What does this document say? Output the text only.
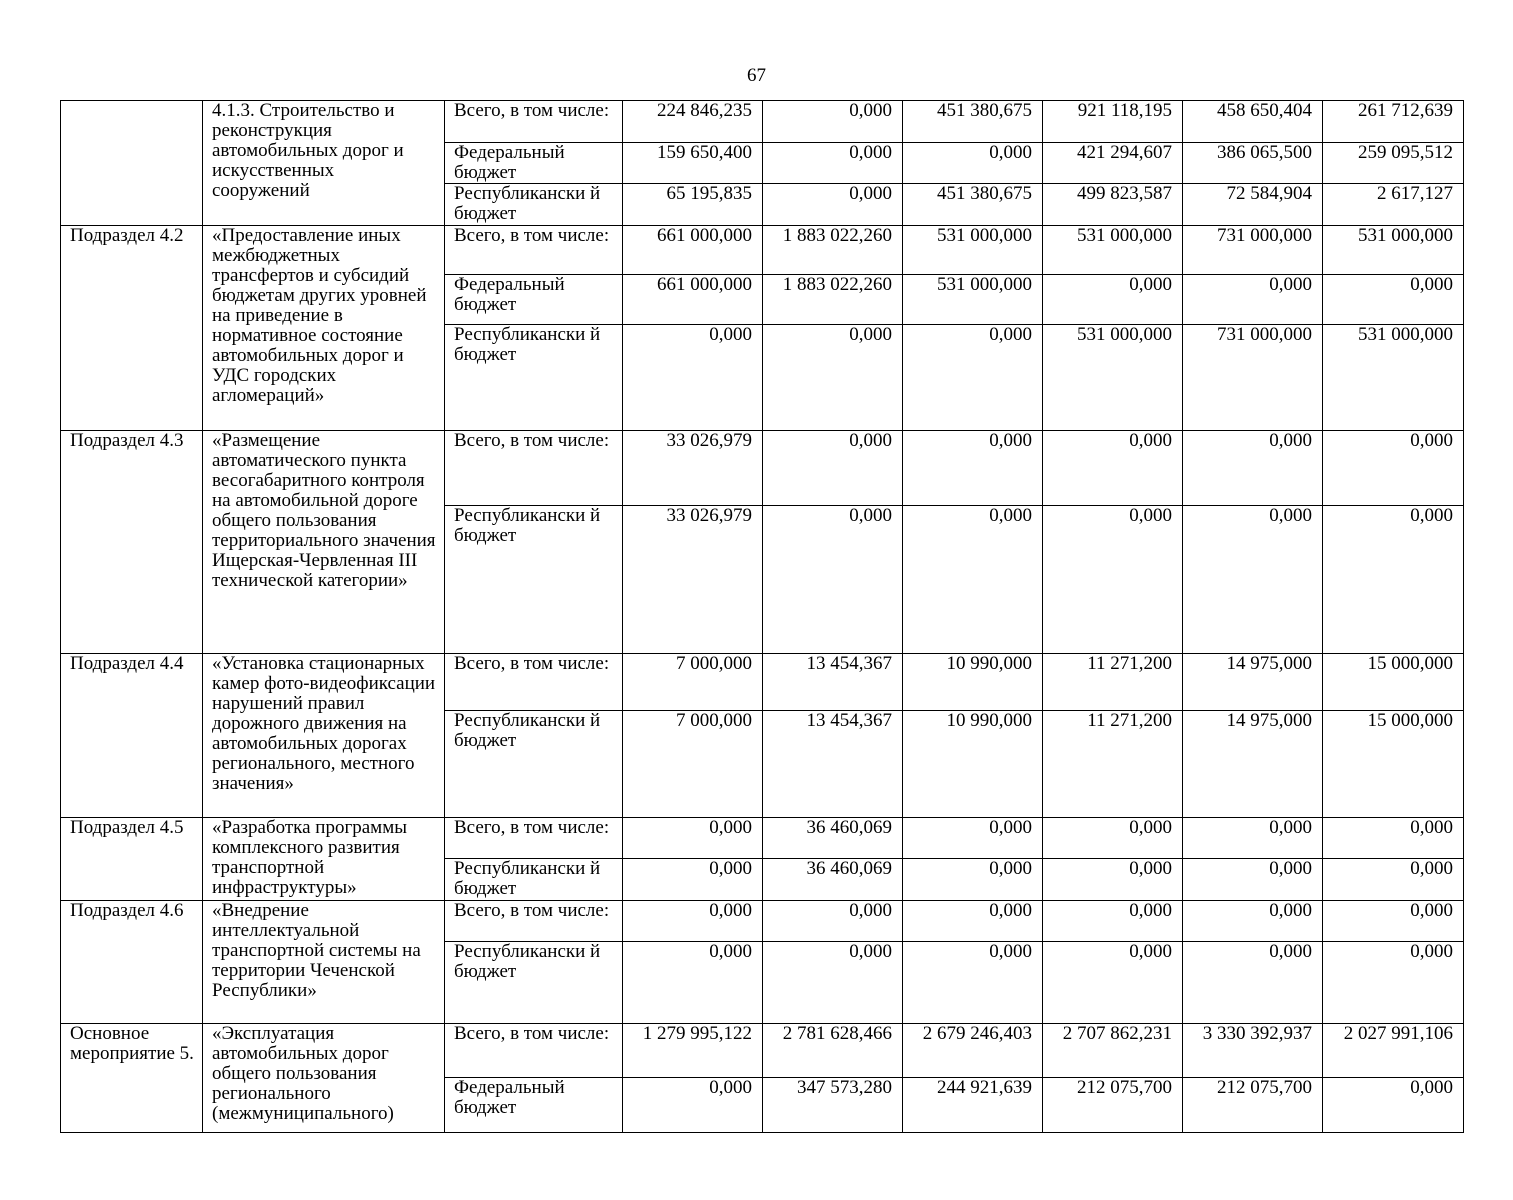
67
	4.1.3. Строительство и реконструкция автомобильных дорог и искусственных сооружений	Всего, в том числе:	224 846,235	0,000	451 380,675	921 118,195	458 650,404	261 712,639
		Федеральный бюджет	159 650,400	0,000	0,000	421 294,607	386 065,500	259 095,512
		Республикански й бюджет	65 195,835	0,000	451 380,675	499 823,587	72 584,904	2 617,127
Подраздел 4.2	«Предоставление иных межбюджетных трансфертов и субсидий бюджетам других уровней на приведение в нормативное состояние автомобильных дорог и УДС городских агломераций»	Всего, в том числе:	661 000,000	1 883 022,260	531 000,000	531 000,000	731 000,000	531 000,000
		Федеральный бюджет	661 000,000	1 883 022,260	531 000,000	0,000	0,000	0,000
		Республикански й бюджет	0,000	0,000	0,000	531 000,000	731 000,000	531 000,000
Подраздел 4.3	«Размещение автоматического пункта весогабаритного контроля на автомобильной дороге общего пользования территориального значения Ищерская-Червленная III технической категории»	Всего, в том числе:	33 026,979	0,000	0,000	0,000	0,000	0,000
		Республикански й бюджет	33 026,979	0,000	0,000	0,000	0,000	0,000
Подраздел 4.4	«Установка стационарных камер фото-видеофиксации нарушений правил дорожного движения на автомобильных дорогах регионального, местного значения»	Всего, в том числе:	7 000,000	13 454,367	10 990,000	11 271,200	14 975,000	15 000,000
		Республикански й бюджет	7 000,000	13 454,367	10 990,000	11 271,200	14 975,000	15 000,000
Подраздел 4.5	«Разработка программы комплексного развития транспортной инфраструктуры»	Всего, в том числе:	0,000	36 460,069	0,000	0,000	0,000	0,000
		Республикански й бюджет	0,000	36 460,069	0,000	0,000	0,000	0,000
Подраздел 4.6	«Внедрение интеллектуальной транспортной системы на территории Чеченской Республики»	Всего, в том числе:	0,000	0,000	0,000	0,000	0,000	0,000
		Республикански й бюджет	0,000	0,000	0,000	0,000	0,000	0,000
Основное мероприятие 5.	«Эксплуатация автомобильных дорог общего пользования регионального (межмуниципального)	Всего, в том числе:	1 279 995,122	2 781 628,466	2 679 246,403	2 707 862,231	3 330 392,937	2 027 991,106
		Федеральный бюджет	0,000	347 573,280	244 921,639	212 075,700	212 075,700	0,000
